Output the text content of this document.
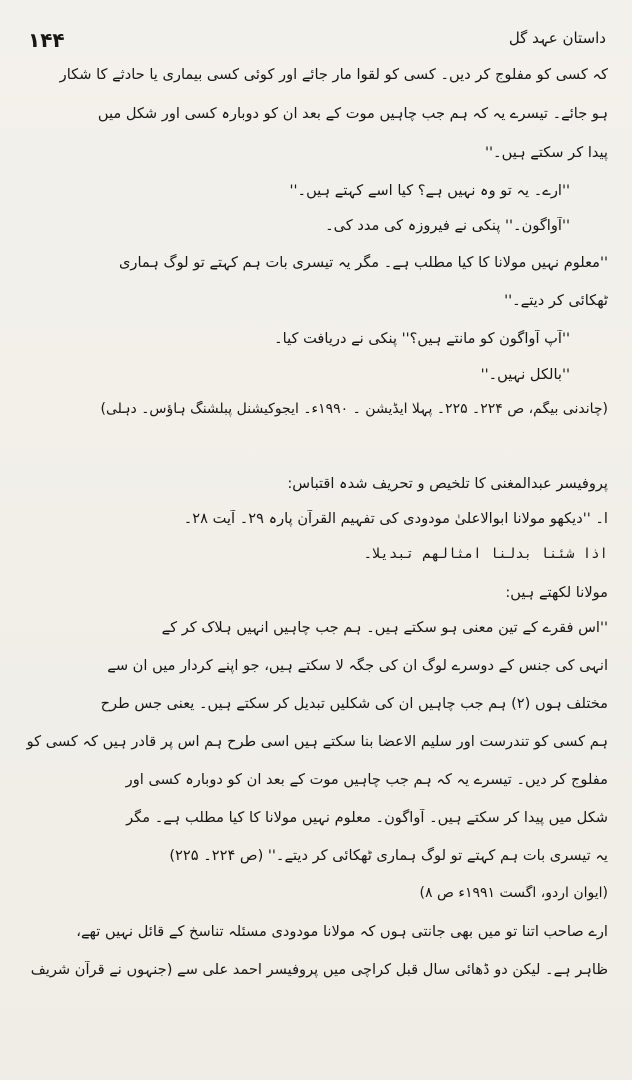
۱۴۴	داستان عہد گل

کہ کسی کو مفلوج کر دیں۔ کسی کو لقوا مار جائے اور کوئی کسی بیماری یا حادثے کا شکار

ہو جائے۔ تیسرے یہ کہ ہم جب چاہیں موت کے بعد ان کو دوبارہ کسی اور شکل میں

پیدا کر سکتے ہیں۔''

''ارے۔ یہ تو وہ نہیں ہے؟ کیا اسے کہتے ہیں۔''

''آواگون۔'' پنکی نے فیروزہ کی مدد کی۔

''معلوم نہیں مولانا کا کیا مطلب ہے۔ مگر یہ تیسری بات ہم کہتے تو لوگ ہماری

ٹھکائی کر دیتے۔''

''آپ آواگون کو مانتے ہیں؟'' پنکی نے دریافت کیا۔

''بالکل نہیں۔''

(چاندنی بیگم، ص ۲۲۴۔ ۲۲۵۔ پہلا ایڈیشن ۔ ۱۹۹۰ء۔ ایجوکیشنل پبلشنگ ہاؤس۔ دہلی)

پروفیسر عبدالمغنی کا تلخیص و تحریف شدہ اقتباس:

ا۔ ''دیکھو مولانا ابوالاعلیٰ مودودی کی تفہیم القرآن پارہ ۲۹۔ آیت ۲۸۔

اذا شئنا بدلنا امثالهم تبديلا۔

مولانا لکھتے ہیں:

''اس فقرے کے تین معنی ہو سکتے ہیں۔ ہم جب چاہیں انہیں ہلاک کر کے

انہی کی جنس کے دوسرے لوگ ان کی جگہ لا سکتے ہیں، جو اپنے کردار میں ان سے

مختلف ہوں (۲) ہم جب چاہیں ان کی شکلیں تبدیل کر سکتے ہیں۔ یعنی جس طرح

ہم کسی کو تندرست اور سلیم الاعضا بنا سکتے ہیں اسی طرح ہم اس پر قادر ہیں کہ کسی کو

مفلوج کر دیں۔ تیسرے یہ کہ ہم جب چاہیں موت کے بعد ان کو دوبارہ کسی اور

شکل میں پیدا کر سکتے ہیں۔ آواگون۔ معلوم نہیں مولانا کا کیا مطلب ہے۔ مگر

یہ تیسری بات ہم کہتے تو لوگ ہماری ٹھکائی کر دیتے۔'' (ص ۲۲۴۔ ۲۲۵)

(ایوان اردو، اگست ۱۹۹۱ء ص ۸)

ارے صاحب اتنا تو میں بھی جانتی ہوں کہ مولانا مودودی مسئلہ تناسخ کے قائل نہیں تھے،

ظاہر ہے۔ لیکن دو ڈھائی سال قبل کراچی میں پروفیسر احمد علی سے (جنہوں نے قرآن شریف
